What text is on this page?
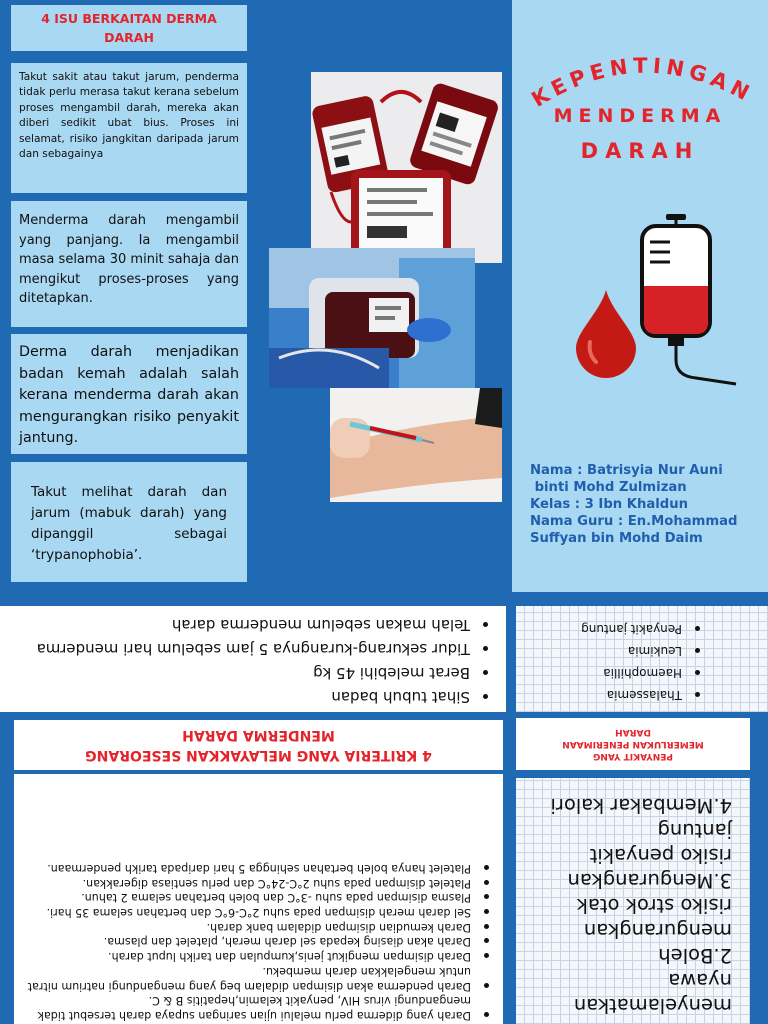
4 ISU BERKAITAN DERMA DARAH
Takut sakit atau takut jarum, penderma tidak perlu merasa takut kerana sebelum proses mengambil darah, mereka akan diberi sedikit ubat bius. Proses ini selamat, risiko jangkitan daripada jarum dan sebagainya
Menderma darah mengambil yang panjang. Ia mengambil masa selama 30 minit sahaja dan mengikut proses-proses yang ditetapkan.
Derma darah menjadikan badan kemah adalah salah kerana menderma darah akan mengurangkan risiko penyakit jantung.
Takut melihat darah dan jarum (mabuk darah) yang dipanggil sebagai ‘trypanophobia’.
KEPENTINGAN
MENDERMA
DARAH
Nama : Batrisyia Nur Auni
binti Mohd Zulmizan
Kelas : 3 Ibn Khaldun
Nama Guru : En.Mohammad
Suffyan bin Mohd Daim
menyelamatkan
nyawa
2.Boleh
mengurangkan
risiko strok otak
3.Mengurangkan
risiko penyakit
jantung
4.Membakar kalori
Darah yang diderma perlu melalui ujian saringan supaya darah tersebut tidak mengandungi virus HIV, penyakit kelamin,hepatitis B & C.
Darah penderma akan disimpan didalam beg yang mengandungi natrium nitrat untuk mengelakkan darah membeku.
Darah disimpan mengikut jenis,kumpulan dan tarikh luput darah.
Darah akan diasing kepada sel darah merah, platelet dan plasma.
Darah kemudian disimpan didalam bank darah.
Sel darah merah disimpan pada suhu 2°C-6°C dan bertahan selama 35 hari.
Plasma disimpan pada suhu -3°C dan boleh bertahan selama 2 tahun.
Platelet disimpan pada suhu 2°C-24°C dan perlu sentiasa digerakkan.
Platelet hanya boleh bertahan sehingga 5 hari daripada tarikh pendermaan.
PENYAKIT YANG
MEMERLUKAN PENERIMAAN
DARAH
4 KRITERIA YANG MELAYAKKAN SESEORANG
MENDERMA DARAH
Thalassemia
Haemophillia
Leukimia
Penyakit jantung
Sihat tubuh badan
Berat melebihi 45 kg
Tidur sekurang-kurangnya 5 jam sebelum hari menderma
Telah makan sebelum menderma darah
